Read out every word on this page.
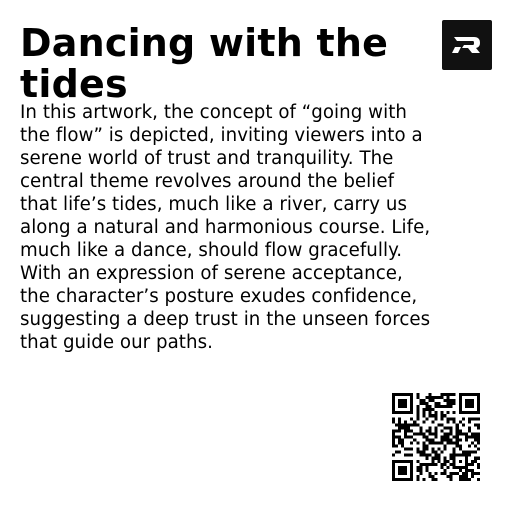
Dancing with the tides

In this artwork, the concept of “going with the flow” is depicted, inviting viewers into a serene world of trust and tranquility. The central theme revolves around the belief that life’s tides, much like a river, carry us along a natural and harmonious course. Life, much like a dance, should flow gracefully. With an expression of serene acceptance, the character’s posture exudes confidence, suggesting a deep trust in the unseen forces that guide our paths.
